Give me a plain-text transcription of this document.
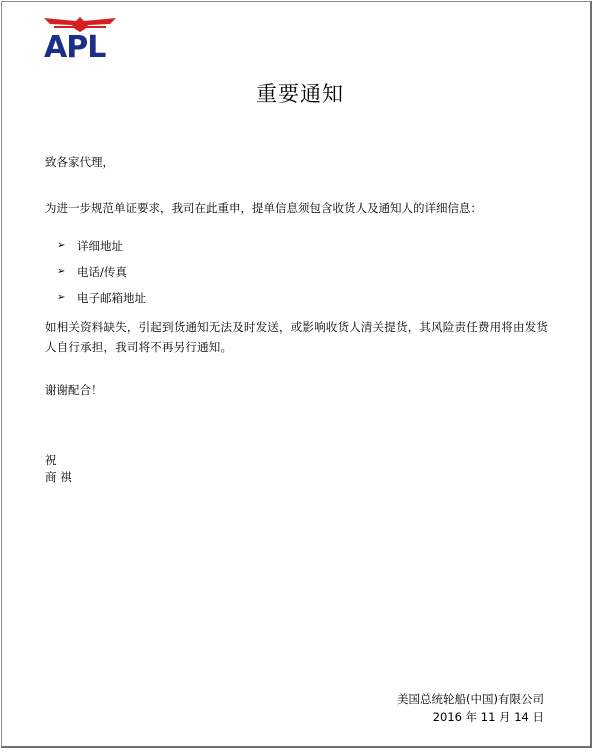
APL
重要通知
致各家代理，
为进一步规范单证要求，我司在此重申，提单信息须包含收货人及通知人的详细信息：
➢	详细地址
➢	电话/传真
➢	电子邮箱地址
如相关资料缺失，引起到货通知无法及时发送，或影响收货人清关提货，其风险责任费用将由发货人自行承担，我司将不再另行通知。
谢谢配合！
祝
商 祺
美国总统轮船(中国)有限公司
2016 年 11 月 14 日
